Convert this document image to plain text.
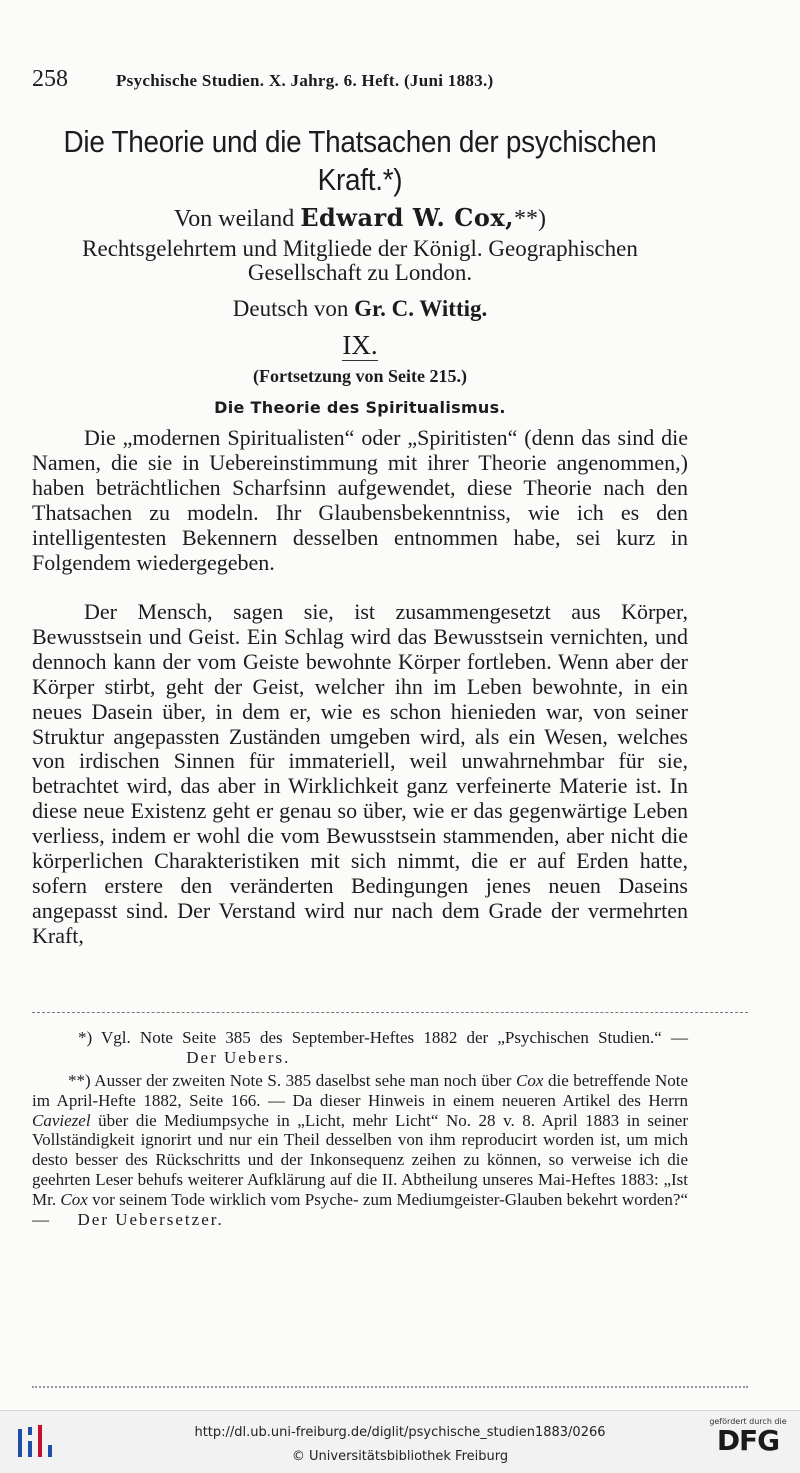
258	Psychische Studien. X. Jahrg. 6. Heft. (Juni 1883.)
Die Theorie und die Thatsachen der psychischen
Kraft.*)
Von weiland Edward W. Cox,**)
Rechtsgelehrtem und Mitgliede der Königl. Geographischen
Gesellschaft zu London.
Deutsch von Gr. C. Wittig.
IX.
(Fortsetzung von Seite 215.)
Die Theorie des Spiritualismus.
Die „modernen Spiritualisten“ oder „Spiritisten“ (denn das sind die Namen, die sie in Uebereinstimmung mit ihrer Theorie angenommen,) haben beträchtlichen Scharfsinn aufgewendet, diese Theorie nach den Thatsachen zu modeln. Ihr Glaubensbekenntniss, wie ich es den intelligentesten Bekennern desselben entnommen habe, sei kurz in Folgendem wiedergegeben.
Der Mensch, sagen sie, ist zusammengesetzt aus Körper, Bewusstsein und Geist. Ein Schlag wird das Bewusstsein vernichten, und dennoch kann der vom Geiste bewohnte Körper fortleben. Wenn aber der Körper stirbt, geht der Geist, welcher ihn im Leben bewohnte, in ein neues Dasein über, in dem er, wie es schon hienieden war, von seiner Struktur angepassten Zuständen umgeben wird, als ein Wesen, welches von irdischen Sinnen für immateriell, weil unwahrnehmbar für sie, betrachtet wird, das aber in Wirklichkeit ganz verfeinerte Materie ist. In diese neue Existenz geht er genau so über, wie er das gegenwärtige Leben verliess, indem er wohl die vom Bewusstsein stammenden, aber nicht die körperlichen Charakteristiken mit sich nimmt, die er auf Erden hatte, sofern erstere den veränderten Bedingungen jenes neuen Daseins angepasst sind. Der Verstand wird nur nach dem Grade der vermehrten Kraft,
*) Vgl. Note Seite 385 des September-Heftes 1882 der „Psychischen Studien.“ —  Der Uebers.
**) Ausser der zweiten Note S. 385 daselbst sehe man noch über Cox die betreffende Note im April-Hefte 1882, Seite 166. — Da dieser Hinweis in einem neueren Artikel des Herrn Caviezel über die Mediumpsyche in „Licht, mehr Licht“ No. 28 v. 8. April 1883 in seiner Vollständigkeit ignorirt und nur ein Theil desselben von ihm reproducirt worden ist, um mich desto besser des Rückschritts und der Inkonsequenz zeihen zu können, so verweise ich die geehrten Leser behufs weiterer Aufklärung auf die II. Abtheilung unseres Mai-Heftes 1883: „Ist Mr. Cox vor seinem Tode wirklich vom Psyche- zum Mediumgeister-Glauben bekehrt worden?“ — Der Uebersetzer.
http://dl.ub.uni-freiburg.de/diglit/psychische_studien1883/0266
© Universitätsbibliothek Freiburg
gefördert durch die
DFG
